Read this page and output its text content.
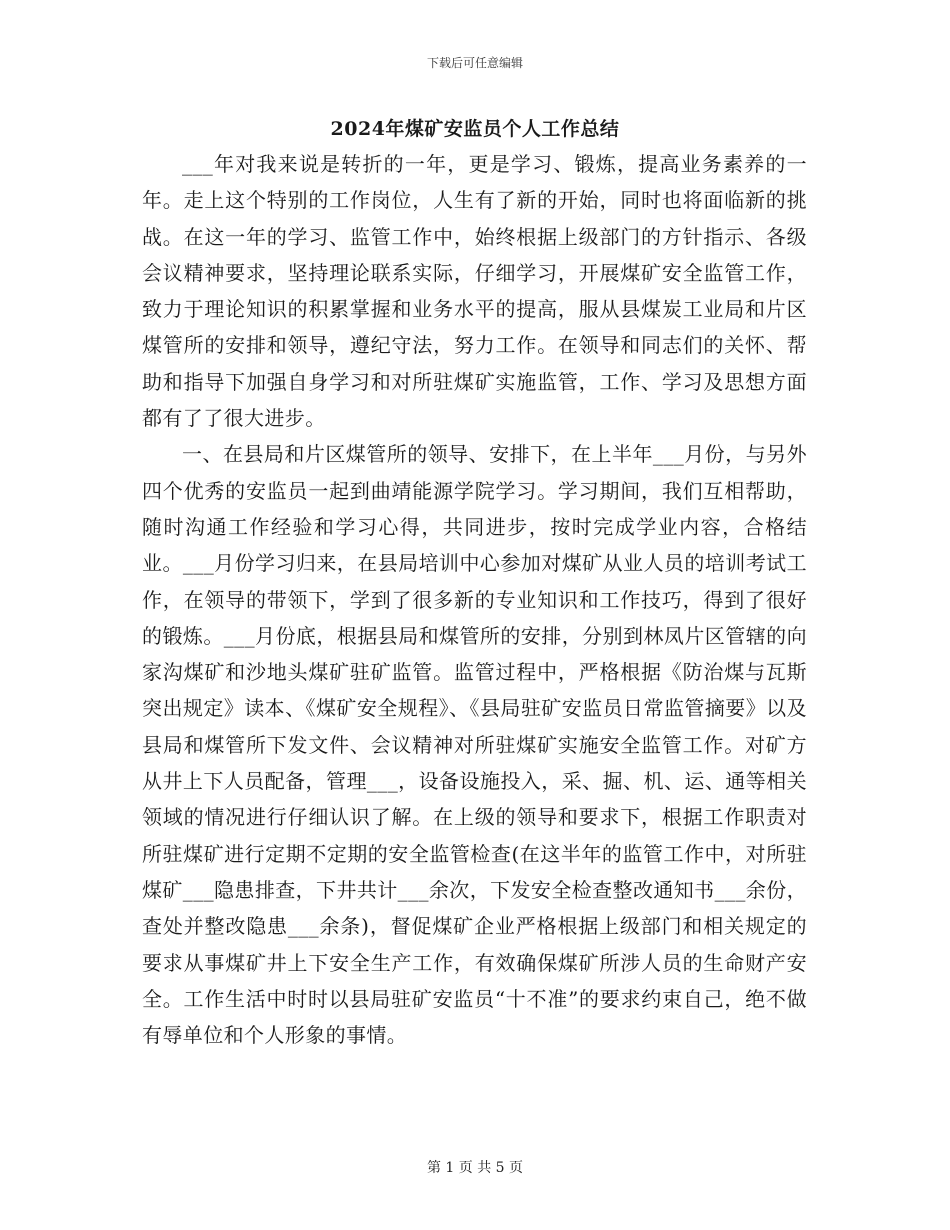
下载后可任意编辑
2024年煤矿安监员个人工作总结

___年对我来说是转折的一年，更是学习、锻炼，提高业务素养的一年。走上这个特别的工作岗位，人生有了新的开始，同时也将面临新的挑战。在这一年的学习、监管工作中，始终根据上级部门的方针指示、各级会议精神要求，坚持理论联系实际，仔细学习，开展煤矿安全监管工作，致力于理论知识的积累掌握和业务水平的提高，服从县煤炭工业局和片区煤管所的安排和领导，遵纪守法，努力工作。在领导和同志们的关怀、帮助和指导下加强自身学习和对所驻煤矿实施监管，工作、学习及思想方面都有了了很大进步。

一、在县局和片区煤管所的领导、安排下，在上半年___月份，与另外四个优秀的安监员一起到曲靖能源学院学习。学习期间，我们互相帮助，随时沟通工作经验和学习心得，共同进步，按时完成学业内容，合格结业。___月份学习归来，在县局培训中心参加对煤矿从业人员的培训考试工作，在领导的带领下，学到了很多新的专业知识和工作技巧，得到了很好的锻炼。___月份底，根据县局和煤管所的安排，分别到林凤片区管辖的向家沟煤矿和沙地头煤矿驻矿监管。监管过程中，严格根据《防治煤与瓦斯突出规定》读本、《煤矿安全规程》、《县局驻矿安监员日常监管摘要》以及县局和煤管所下发文件、会议精神对所驻煤矿实施安全监管工作。对矿方从井上下人员配备，管理___，设备设施投入，采、掘、机、运、通等相关领域的情况进行仔细认识了解。在上级的领导和要求下，根据工作职责对所驻煤矿进行定期不定期的安全监管检查(在这半年的监管工作中，对所驻煤矿___隐患排查，下井共计___余次，下发安全检查整改通知书___余份，查处并整改隐患___余条)，督促煤矿企业严格根据上级部门和相关规定的要求从事煤矿井上下安全生产工作，有效确保煤矿所涉人员的生命财产安全。工作生活中时时以县局驻矿安监员“十不准”的要求约束自己，绝不做有辱单位和个人形象的事情。

第 1 页 共 5 页
